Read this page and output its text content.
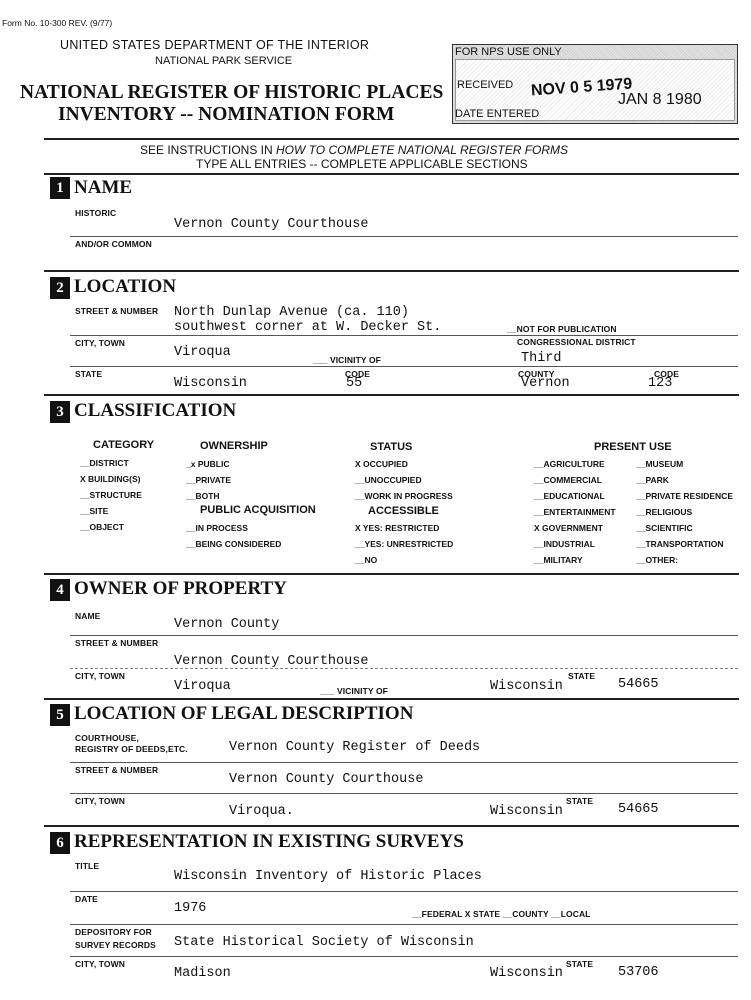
Form No. 10-300 REV. (9/77)
UNITED STATES DEPARTMENT OF THE INTERIOR
NATIONAL PARK SERVICE
NATIONAL REGISTER OF HISTORIC PLACES
INVENTORY -- NOMINATION FORM
FOR NPS USE ONLY
RECEIVED NOV 0 5 1979
JAN 8 1980
DATE ENTERED
SEE INSTRUCTIONS IN HOW TO COMPLETE NATIONAL REGISTER FORMS
TYPE ALL ENTRIES -- COMPLETE APPLICABLE SECTIONS
1 NAME
HISTORIC
Vernon County Courthouse
AND/OR COMMON
2 LOCATION
STREET & NUMBER North Dunlap Avenue (ca. 110)
southwest corner at W. Decker St.	__NOT FOR PUBLICATION
CITY, TOWN	CONGRESSIONAL DISTRICT
Viroqua	___ VICINITY OF	Third
STATE	CODE	COUNTY	CODE
Wisconsin	55	Vernon	123
3 CLASSIFICATION
CATEGORY	OWNERSHIP	STATUS	PRESENT USE
PUBLIC ACQUISITION	ACCESSIBLE
__DISTRICT
X BUILDING(S)
__STRUCTURE
__SITE
__OBJECT
_x PUBLIC
__PRIVATE
__BOTH
__IN PROCESS
__BEING CONSIDERED
X OCCUPIED
__UNOCCUPIED
__WORK IN PROGRESS
X YES: RESTRICTED
__YES: UNRESTRICTED
__NO
__AGRICULTURE
__COMMERCIAL
__EDUCATIONAL
__ENTERTAINMENT
X GOVERNMENT
__INDUSTRIAL
__MILITARY
__MUSEUM
__PARK
__PRIVATE RESIDENCE
__RELIGIOUS
__SCIENTIFIC
__TRANSPORTATION
__OTHER:
4 OWNER OF PROPERTY
NAME
Vernon County
STREET & NUMBER
Vernon County Courthouse
CITY, TOWN	STATE
Viroqua	___ VICINITY OF	Wisconsin	54665
5 LOCATION OF LEGAL DESCRIPTION
COURTHOUSE,
REGISTRY OF DEEDS,ETC.	Vernon County Register of Deeds
STREET & NUMBER
Vernon County Courthouse
CITY, TOWN	STATE
Viroqua.	Wisconsin	54665
6 REPRESENTATION IN EXISTING SURVEYS
TITLE
Wisconsin Inventory of Historic Places
DATE
1976	__FEDERAL X STATE __COUNTY __LOCAL
DEPOSITORY FOR
SURVEY RECORDS State Historical Society of Wisconsin
CITY, TOWN	STATE
Madison	Wisconsin	53706
